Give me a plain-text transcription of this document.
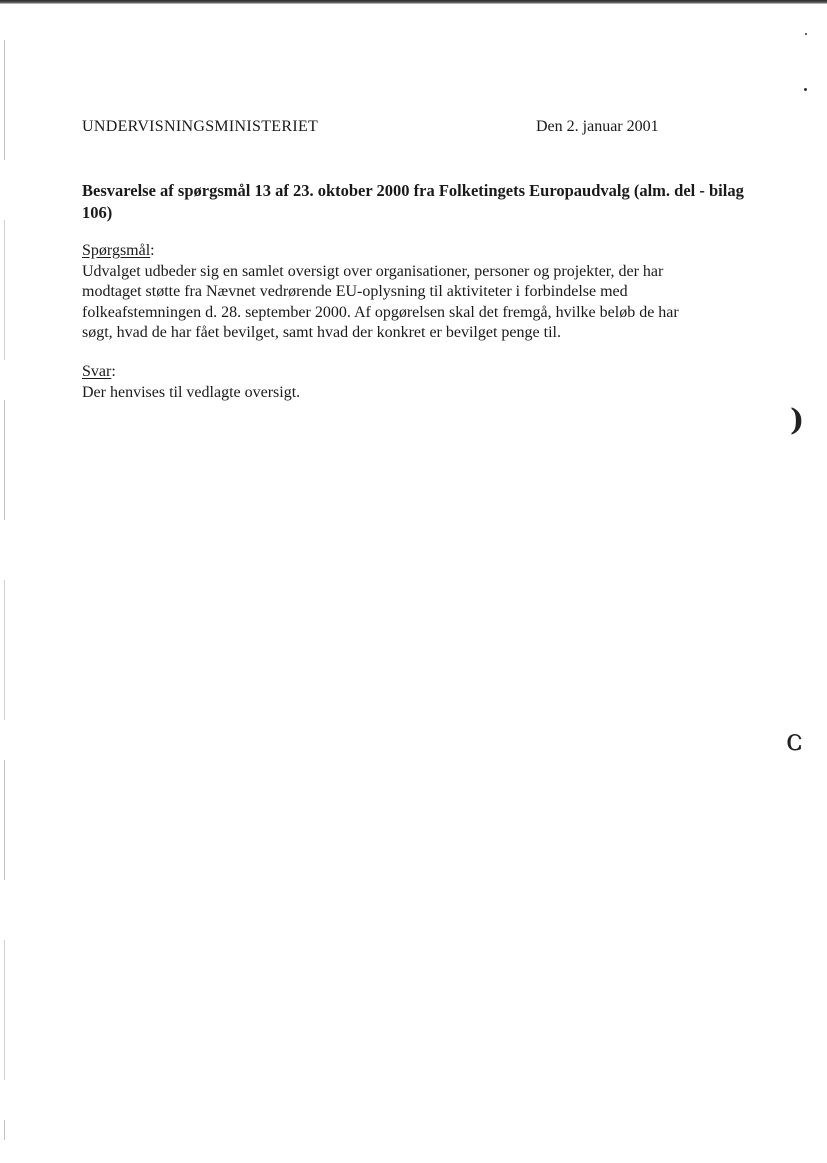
UNDERVISNINGSMINISTERIET	Den 2. januar 2001
Besvarelse af spørgsmål 13 af 23. oktober 2000 fra Folketingets Europaudvalg (alm. del - bilag 106)
Spørgsmål:
Udvalget udbeder sig en samlet oversigt over organisationer, personer og projekter, der har
modtaget støtte fra Nævnet vedrørende EU-oplysning til aktiviteter i forbindelse med
folkeafstemningen d. 28. september 2000. Af opgørelsen skal det fremgå, hvilke beløb de har
søgt, hvad de har fået bevilget, samt hvad der konkret er bevilget penge til.
Svar:
Der henvises til vedlagte oversigt.
)
ɔ
